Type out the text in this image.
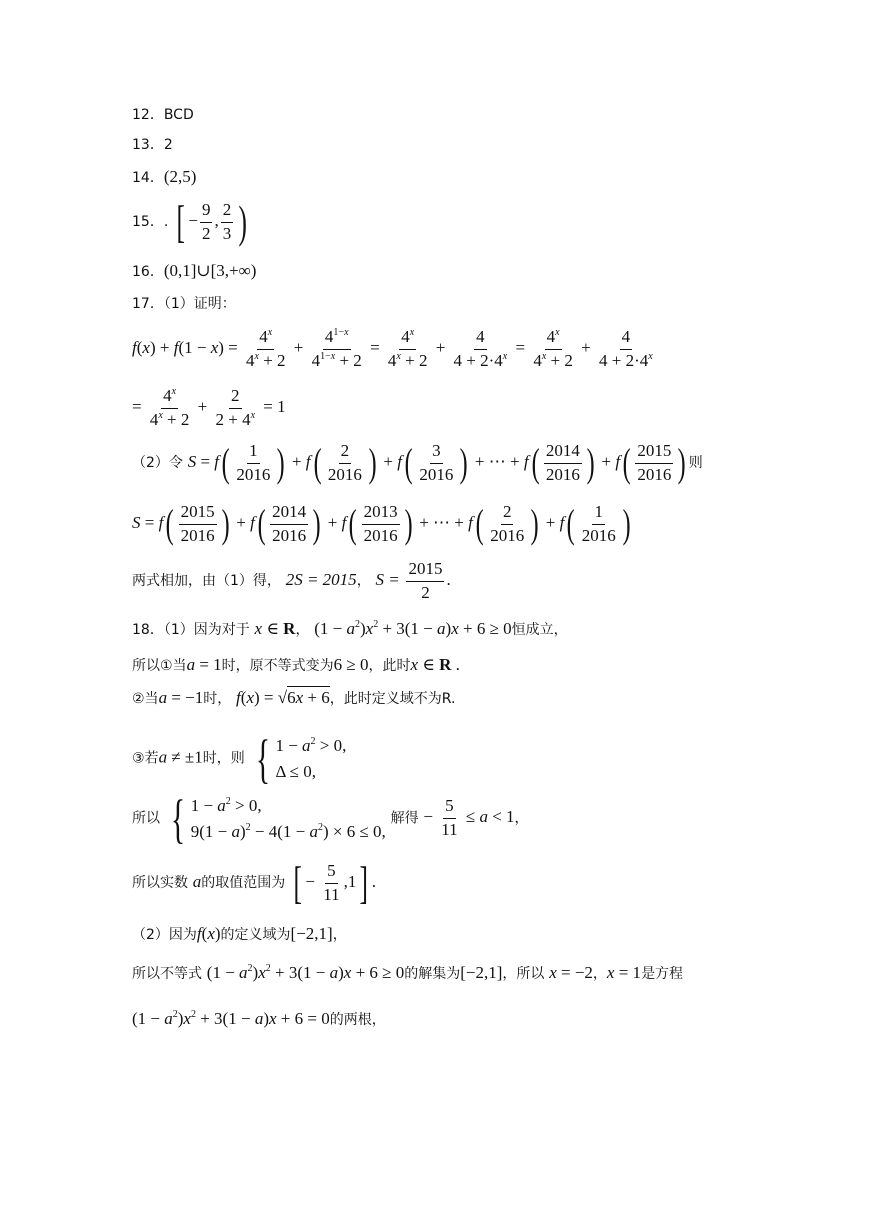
12．BCD
13．2
14．(2,5)
15．. [ − $\frac{9}{2}$ , $\frac{2}{3}$ )
16．(0,1]∪[3,+∞)
17．（1）证明：
$f(x) + f(1 - x) = \frac{4^x}{4^x + 2} + \frac{4^{1-x}}{4^{1-x} + 2} = \frac{4^x}{4^x + 2} + \frac{4}{4 + 2\cdot 4^x} = \frac{4^x}{4^x + 2} + \frac{4}{4 + 2\cdot 4^x}$
= $\frac{4^x}{4^x + 2} + \frac{2}{2 + 4^x} = 1$
（2）令 $S = f( \frac{1}{2016}$ ) + $f( \frac{2}{2016}$ ) + $f( \frac{3}{2016}$ ) + ⋯ + $f( \frac{2014}{2016}$ ) + $f( \frac{2015}{2016}$ ) 则
$S = f( \frac{2015}{2016}$ ) + $f( \frac{2014}{2016}$ ) + $f( \frac{2013}{2016}$ ) + ⋯ + $f( \frac{2}{2016}$ ) + $f( \frac{1}{2016}$ )
两式相加，由（1）得， 2S = 2015， $S = \frac{2015}{2}$ .
18．（1）因为对于 x ∈ R， $(1 - a^2)x^2 + 3(1 - a)x + 6 \ge 0$恒成立，
所以①当a = 1时，原不等式变为6 ≥ 0，此时x ∈ R .
②当a = −1时， f(x) = √6x + 6，此时定义域不为R.
③若a ≠ ±1时，则 { $1 - a^2 > 0$,
Δ ≤ 0,
所以 { $1 - a^2 > 0$,
$9(1 - a)^2 - 4(1 - a^2) \times 6 \le 0$,
解得 − $\frac{5}{11} \le a < 1$，
所以实数 a的取值范围为 [ − $\frac{5}{11} ,1$] .
（2）因为f(x)的定义域为[−2,1]，
所以不等式 $(1 - a^2)x^2 + 3(1 - a)x + 6 \ge 0$的解集为[−2,1]，所以 x = −2，x = 1是方程
$(1 - a^2)x^2 + 3(1 - a)x + 6 = 0$的两根，
